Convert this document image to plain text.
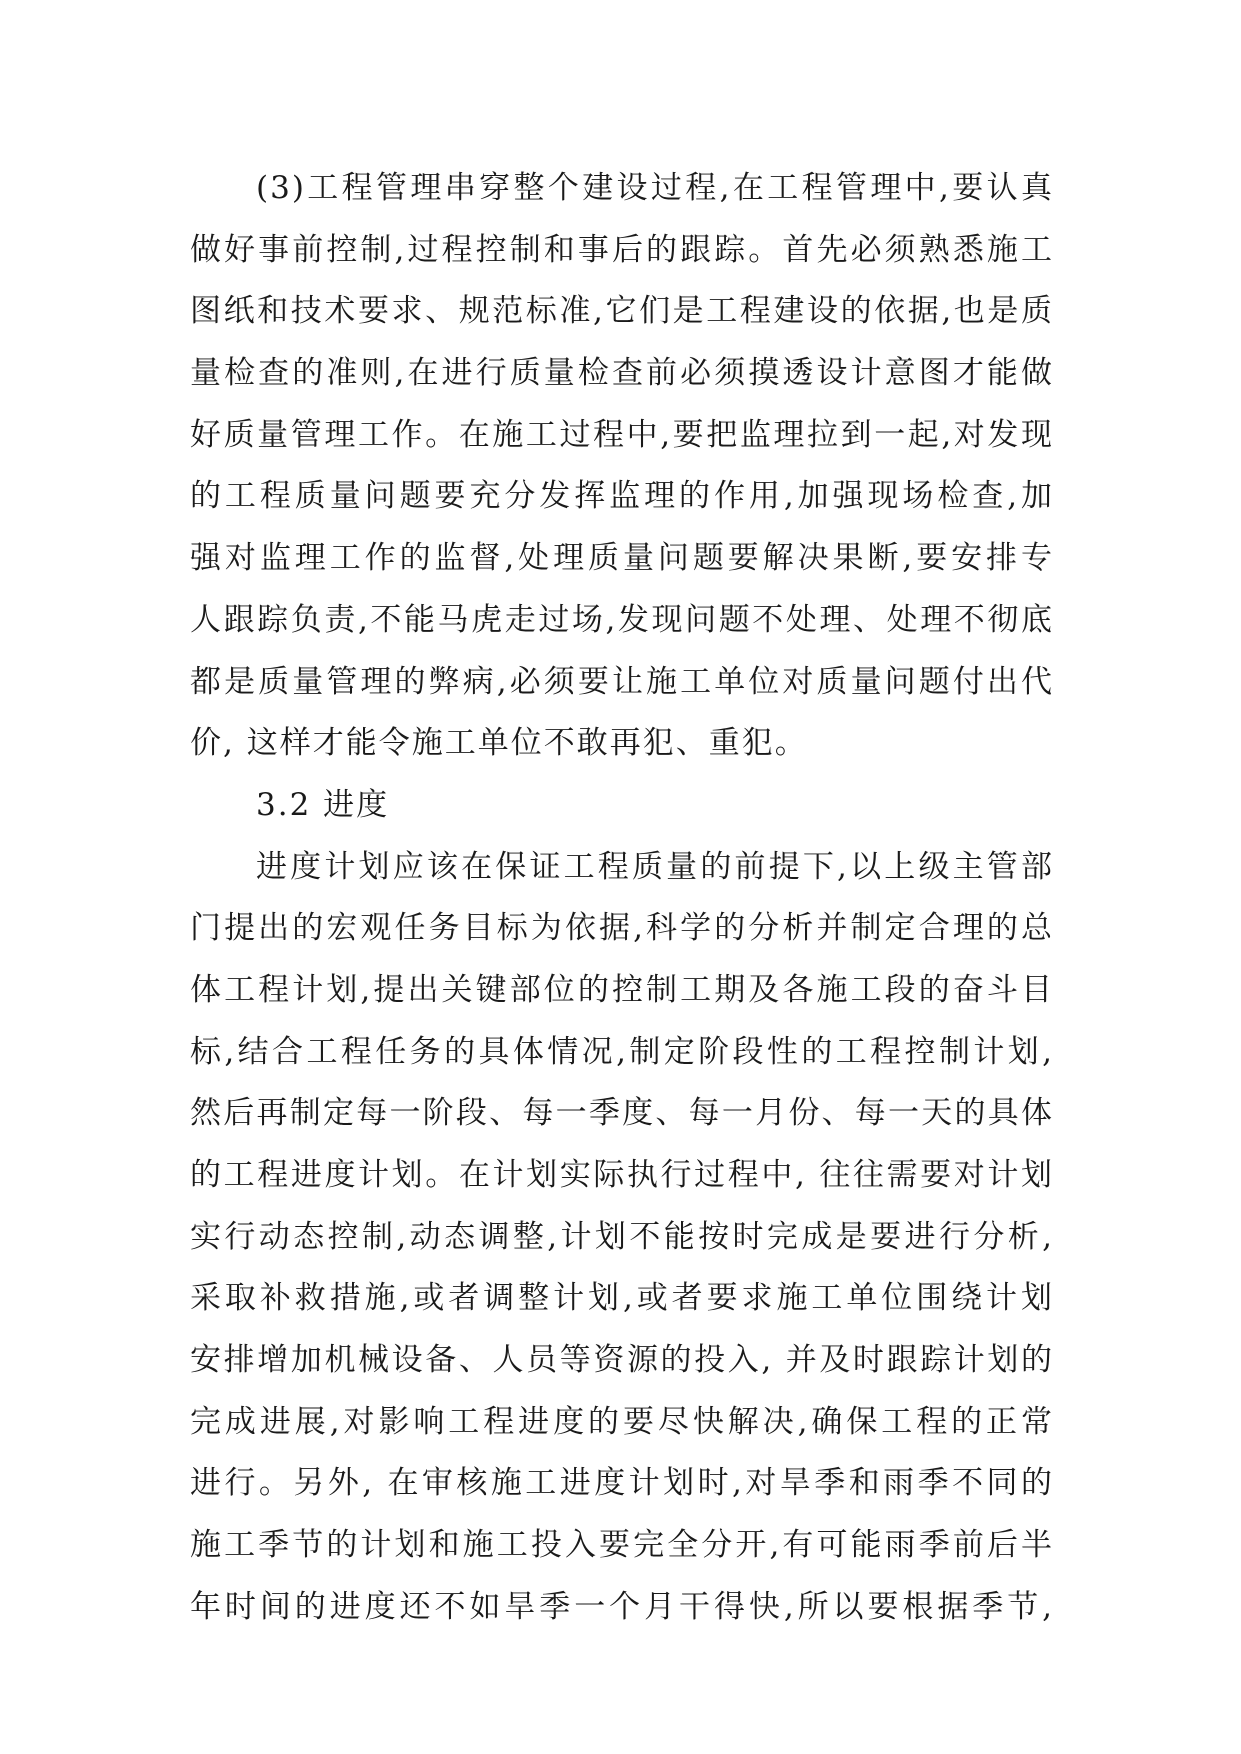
(3)工程管理串穿整个建设过程,在工程管理中,要认真
做好事前控制,过程控制和事后的跟踪。首先必须熟悉施工
图纸和技术要求、规范标准,它们是工程建设的依据,也是质
量检查的准则,在进行质量检查前必须摸透设计意图才能做
好质量管理工作。在施工过程中,要把监理拉到一起,对发现
的工程质量问题要充分发挥监理的作用,加强现场检查,加
强对监理工作的监督,处理质量问题要解决果断,要安排专
人跟踪负责,不能马虎走过场,发现问题不处理、处理不彻底
都是质量管理的弊病,必须要让施工单位对质量问题付出代
价, 这样才能令施工单位不敢再犯、重犯。
3.2 进度
进度计划应该在保证工程质量的前提下,以上级主管部
门提出的宏观任务目标为依据,科学的分析并制定合理的总
体工程计划,提出关键部位的控制工期及各施工段的奋斗目
标,结合工程任务的具体情况,制定阶段性的工程控制计划,
然后再制定每一阶段、每一季度、每一月份、每一天的具体
的工程进度计划。在计划实际执行过程中, 往往需要对计划
实行动态控制,动态调整,计划不能按时完成是要进行分析,
采取补救措施,或者调整计划,或者要求施工单位围绕计划
安排增加机械设备、人员等资源的投入, 并及时跟踪计划的
完成进展,对影响工程进度的要尽快解决,确保工程的正常
进行。另外, 在审核施工进度计划时,对旱季和雨季不同的
施工季节的计划和施工投入要完全分开,有可能雨季前后半
年时间的进度还不如旱季一个月干得快,所以要根据季节,
